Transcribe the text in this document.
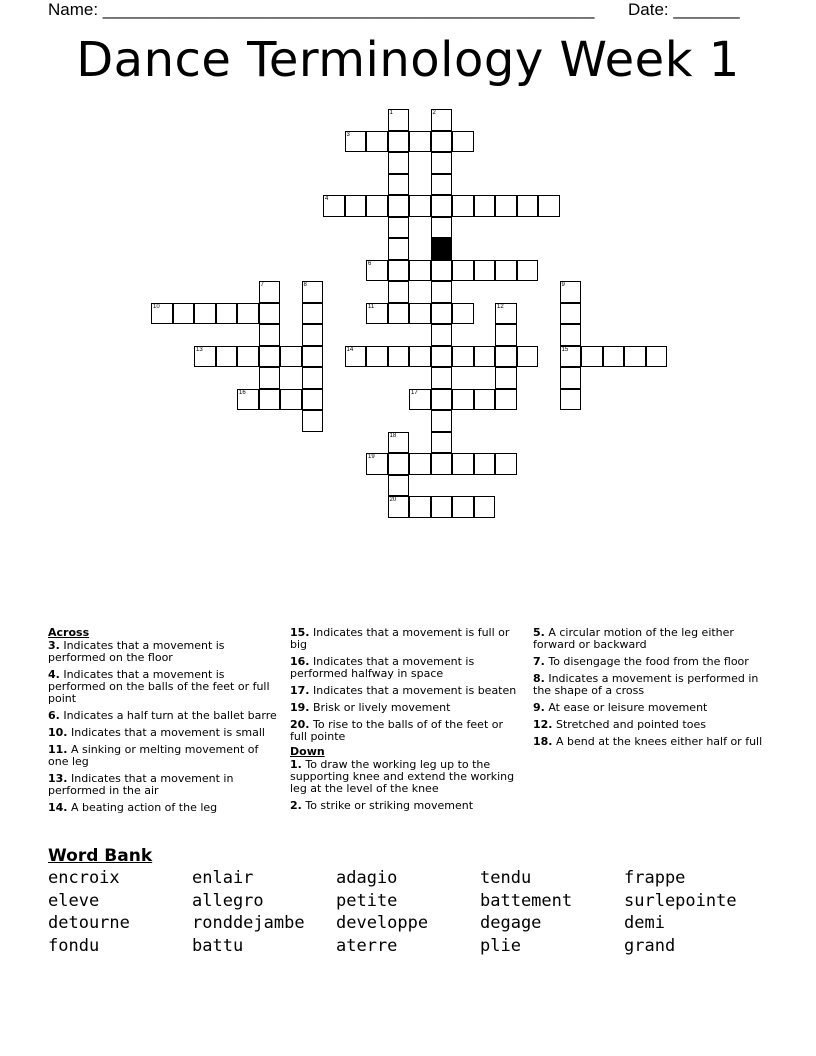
Name: ____________________________________________________ Date: _______
Dance Terminology Week 1
3
4
6
10	11
13	14	15
16	17
19
20
1	2
5
7	8	9
12
18
Across
3. Indicates that a movement is performed on the floor
4. Indicates that a movement is performed on the balls of the feet or full point
6. Indicates a half turn at the ballet barre
10. Indicates that a movement is small
11. A sinking or melting movement of one leg
13. Indicates that a movement in performed in the air
14. A beating action of the leg
15. Indicates that a movement is full or big
16. Indicates that a movement is performed halfway in space
17. Indicates that a movement is beaten
19. Brisk or lively movement
20. To rise to the balls of of the feet or full pointe
Down
1. To draw the working leg up to the supporting knee and extend the working leg at the level of the knee
2. To strike or striking movement
5. A circular motion of the leg either forward or backward
7. To disengage the food from the floor
8. Indicates a movement is performed in the shape of a cross
9. At ease or leisure movement
12. Stretched and pointed toes
18. A bend at the knees either half or full
Word Bank
encroix
eleve
detourne
fondu
enlair
allegro
ronddejambe
battu
adagio
petite
developpe
aterre
tendu
battement
degage
plie
frappe
surlepointe
demi
grand
